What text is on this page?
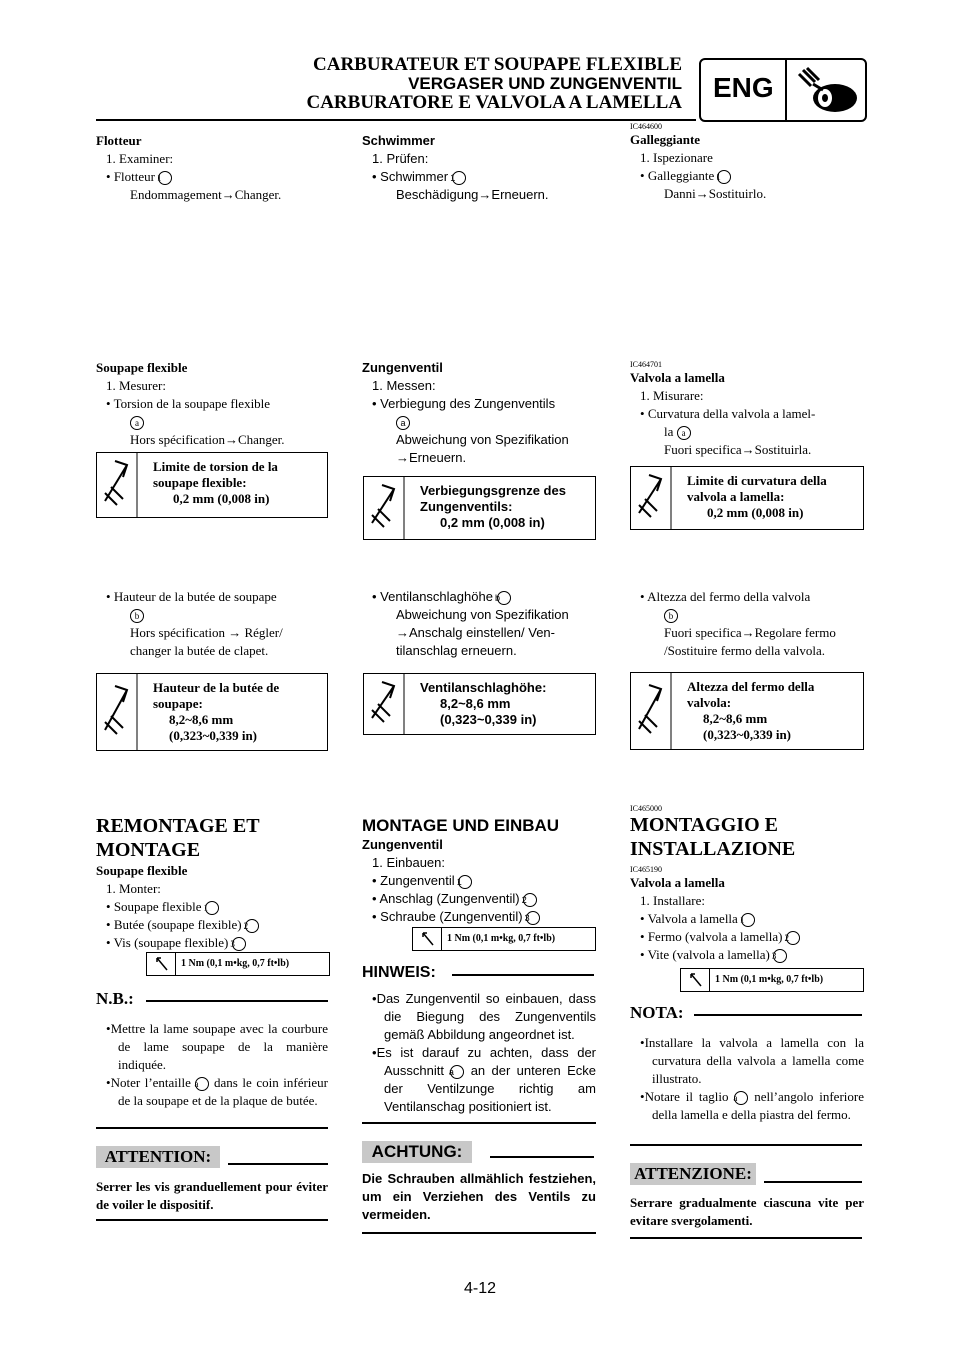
CARBURATEUR ET SOUPAPE FLEXIBLE
VERGASER UND ZUNGENVENTIL
CARBURATORE E VALVOLA A LAMELLA ENG
Flotteur
1. Examiner:
• Flotteur 1
Endommagement→Changer.
Soupape flexible
1. Mesurer:
• Torsion de la soupape flexible
a
Hors spécification→Changer.
Limite de torsion de la
soupape flexible:
0,2 mm (0,008 in)
• Hauteur de la butée de soupape
b
Hors spécification → Régler/
changer la butée de clapet.
Hauteur de la butée de
soupape:
8,2~8,6 mm
(0,323~0,339 in)
REMONTAGE ET
MONTAGE
Soupape flexible
1. Monter:
• Soupape flexible 1
• Butée (soupape flexible) 2
• Vis (soupape flexible) 3
1 Nm (0,1 m•kg, 0,7 ft•lb)
N.B.:
•Mettre la lame soupape avec la courbure de lame soupape de la manière indiquée.
•Noter l’entaille a dans le coin inférieur de la soupape et de la plaque de butée.
ATTENTION:
Serrer les vis granduellement pour éviter de voiler le dispositif.
Schwimmer
1. Prüfen:
• Schwimmer 1
Beschädigung→Erneuern.
Zungenventil
1. Messen:
• Verbiegung des Zungenventils
a
Abweichung von Spezifikation
→Erneuern.
Verbiegungsgrenze des
Zungenventils:
0,2 mm (0,008 in)
• Ventilanschlaghöhe b
Abweichung von Spezifikation
→Anschalg einstellen/ Ven-
tilanschlag erneuern.
Ventilanschlaghöhe:
8,2~8,6 mm
(0,323~0,339 in)
MONTAGE UND EINBAU
Zungenventil
1. Einbauen:
• Zungenventil 1
• Anschlag (Zungenventil) 2
• Schraube (Zungenventil) 3
1 Nm (0,1 m•kg, 0,7 ft•lb)
HINWEIS:
•Das Zungenventil so einbauen, dass die Biegung des Zungenventils gemäß Abbildung angeordnet ist.
•Es ist darauf zu achten, dass der Ausschnitt a an der unteren Ecke der Ventilzunge richtig am Ventilanschag positioniert ist.
ACHTUNG:
Die Schrauben allmählich festziehen, um ein Verziehen des Ventils zu vermeiden.
IC464600
Galleggiante
1. Ispezionare
• Galleggiante 1
Danni→Sostituirlo.
IC464701
Valvola a lamella
1. Misurare:
• Curvatura della valvola a lamel-
la a
Fuori specifica→Sostituirla.
Limite di curvatura della
valvola a lamella:
0,2 mm (0,008 in)
• Altezza del fermo della valvola
b
Fuori specifica→Regolare fermo
/Sostituire fermo della valvola.
Altezza del fermo della
valvola:
8,2~8,6 mm
(0,323~0,339 in)
IC465000
MONTAGGIO E
INSTALLAZIONE
IC465190
Valvola a lamella
1. Installare:
• Valvola a lamella 1
• Fermo (valvola a lamella) 2
• Vite (valvola a lamella) 3
1 Nm (0,1 m•kg, 0,7 ft•lb)
NOTA:
•Installare la valvola a lamella con la curvatura della valvola a lamella come illustrato.
•Notare il taglio a nell’angolo inferiore della lamella e della piastra del fermo.
ATTENZIONE:
Serrare gradualmente ciascuna vite per evitare svergolamenti.
4-12
